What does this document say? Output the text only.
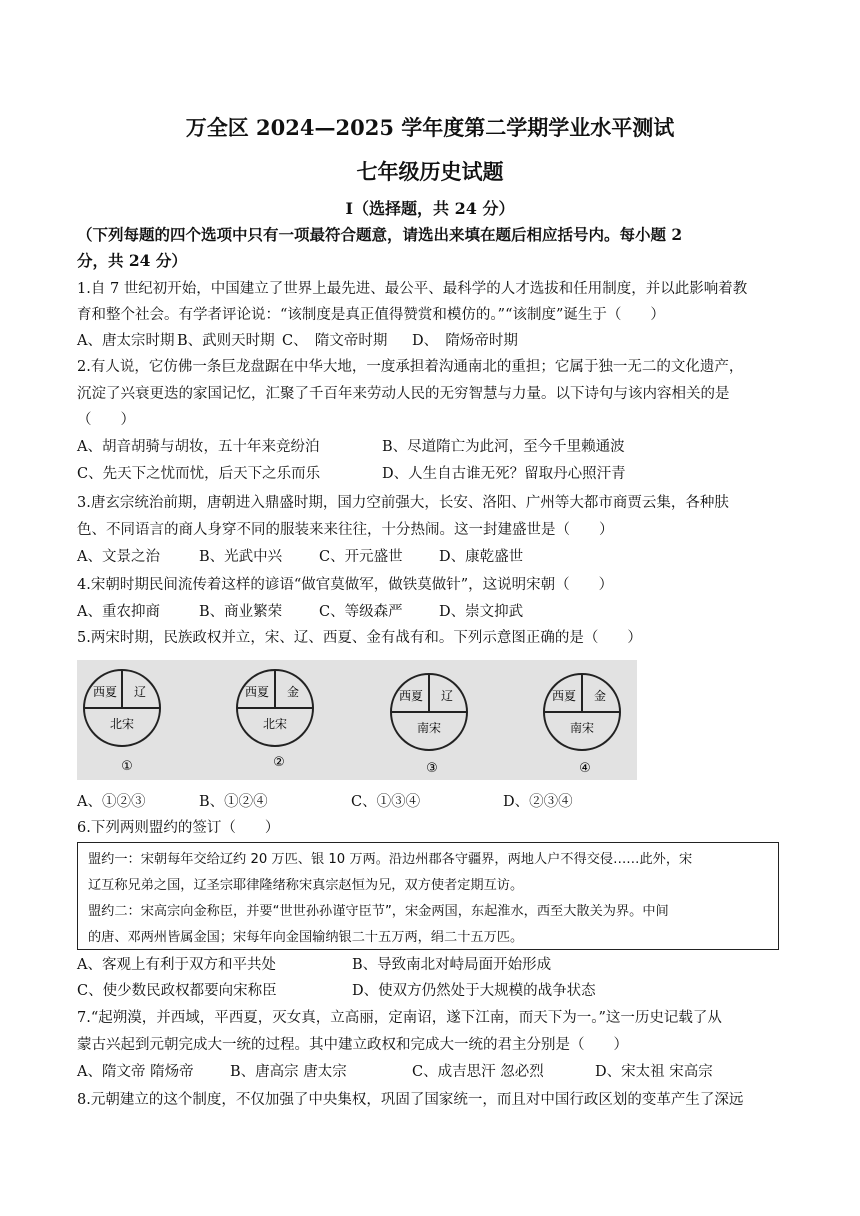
万全区 2024—2025 学年度第二学期学业水平测试
七年级历史试题
Ⅰ（选择题，共 24 分）
（下列每题的四个选项中只有一项最符合题意，请选出来填在题后相应括号内。每小题 2
分，共 24 分）
1.自 7 世纪初开始，中国建立了世界上最先进、最公平、最科学的人才选拔和任用制度，并以此影响着教
育和整个社会。有学者评论说：“该制度是真正值得赞赏和模仿的。”“该制度”诞生于（　　）
A、唐太宗时期 B、武则天时期 C、　隋文帝时期 D、　隋炀帝时期
2.有人说，它仿佛一条巨龙盘踞在中华大地，一度承担着沟通南北的重担；它属于独一无二的文化遗产，
沉淀了兴衰更迭的家国记忆，汇聚了千百年来劳动人民的无穷智慧与力量。以下诗句与该内容相关的是
（　　）
A、胡音胡骑与胡妆，五十年来竞纷泊	B、尽道隋亡为此河，至今千里赖通波
C、先天下之忧而忧，后天下之乐而乐	D、人生自古谁无死？留取丹心照汗青
3.唐玄宗统治前期，唐朝进入鼎盛时期，国力空前强大，长安、洛阳、广州等大都市商贾云集，各种肤
色、不同语言的商人身穿不同的服装来来往往，十分热闹。这一封建盛世是（　　）
A、文景之治	B、光武中兴	C、开元盛世	D、康乾盛世
4.宋朝时期民间流传着这样的谚语“做官莫做军，做铁莫做针”，这说明宋朝（　　）
A、重农抑商	B、商业繁荣	C、等级森严	D、崇文抑武
5.两宋时期，民族政权并立，宋、辽、西夏、金有战有和。下列示意图正确的是（　　）
西夏 辽
北宋
①
西夏 金
北宋
②
西夏 辽
南宋
③
西夏 金
南宋
④
A、①②③	B、①②④	C、①③④	D、②③④
6.下列两则盟约的签订（　　）
盟约一：宋朝每年交给辽约 20 万匹、银 10 万两。沿边州郡各守疆界，两地人户不得交侵……此外，宋
辽互称兄弟之国，辽圣宗耶律隆绪称宋真宗赵恒为兄，双方使者定期互访。
盟约二：宋高宗向金称臣，并要“世世孙孙谨守臣节”，宋金两国，东起淮水，西至大散关为界。中间
的唐、邓两州皆属金国；宋每年向金国输纳银二十五万两，绢二十五万匹。
A、客观上有利于双方和平共处	B、导致南北对峙局面开始形成
C、使少数民政权都要向宋称臣	D、使双方仍然处于大规模的战争状态
7.“起朔漠，并西域，平西夏，灭女真，立高丽，定南诏，遂下江南，而天下为一。”这一历史记载了从
蒙古兴起到元朝完成大一统的过程。其中建立政权和完成大一统的君主分别是（　　）
A、隋文帝 隋炀帝	B、唐高宗 唐太宗	C、成吉思汗 忽必烈	D、宋太祖 宋高宗
8.元朝建立的这个制度，不仅加强了中央集权，巩固了国家统一，而且对中国行政区划的变革产生了深远
